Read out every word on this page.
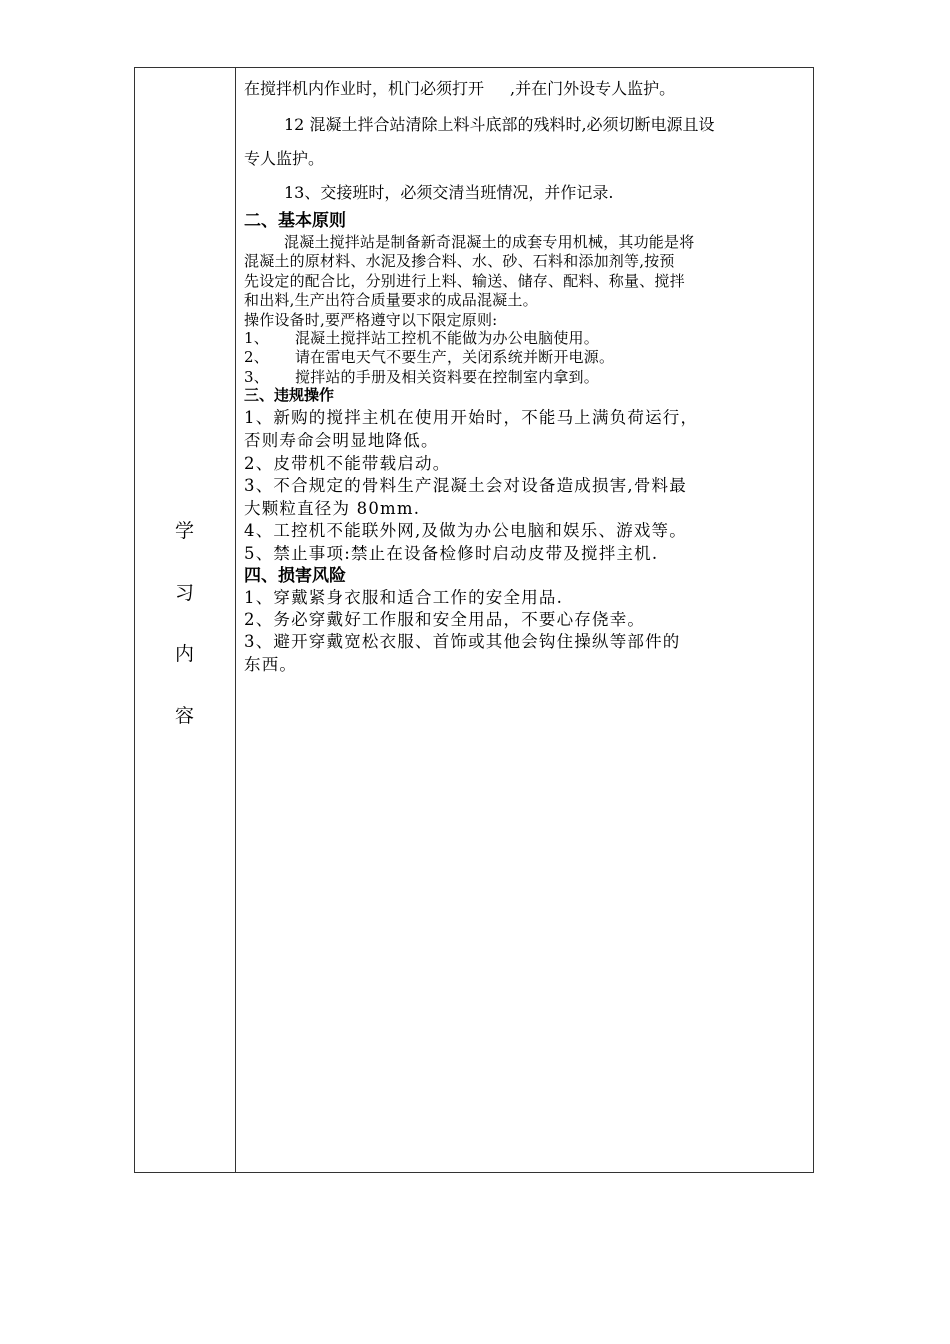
学
习
内
容
在搅拌机内作业时，机门必须打开 ,并在门外设专人监护。
12 混凝土拌合站清除上料斗底部的残料时,必须切断电源且设
专人监护。
13、交接班时，必须交清当班情况，并作记录.
二、基本原则
混凝土搅拌站是制备新奇混凝土的成套专用机械，其功能是将
混凝土的原材料、水泥及掺合料、水、砂、石料和添加剂等,按预
先设定的配合比，分别进行上料、输送、储存、配料、称量、搅拌
和出料,生产出符合质量要求的成品混凝土。
操作设备时,要严格遵守以下限定原则:
1、 混凝土搅拌站工控机不能做为办公电脑使用。
2、 请在雷电天气不要生产，关闭系统并断开电源。
3、 搅拌站的手册及相关资料要在控制室内拿到。
三、违规操作
1、新购的搅拌主机在使用开始时，不能马上满负荷运行，
否则寿命会明显地降低。
2、皮带机不能带载启动。
3、不合规定的骨料生产混凝土会对设备造成损害,骨料最
大颗粒直径为 80mm.
4、工控机不能联外网,及做为办公电脑和娱乐、游戏等。
5、禁止事项:禁止在设备检修时启动皮带及搅拌主机.
四、损害风险
1、穿戴紧身衣服和适合工作的安全用品.
2、务必穿戴好工作服和安全用品，不要心存侥幸。
3、避开穿戴宽松衣服、首饰或其他会钩住操纵等部件的
东西。
